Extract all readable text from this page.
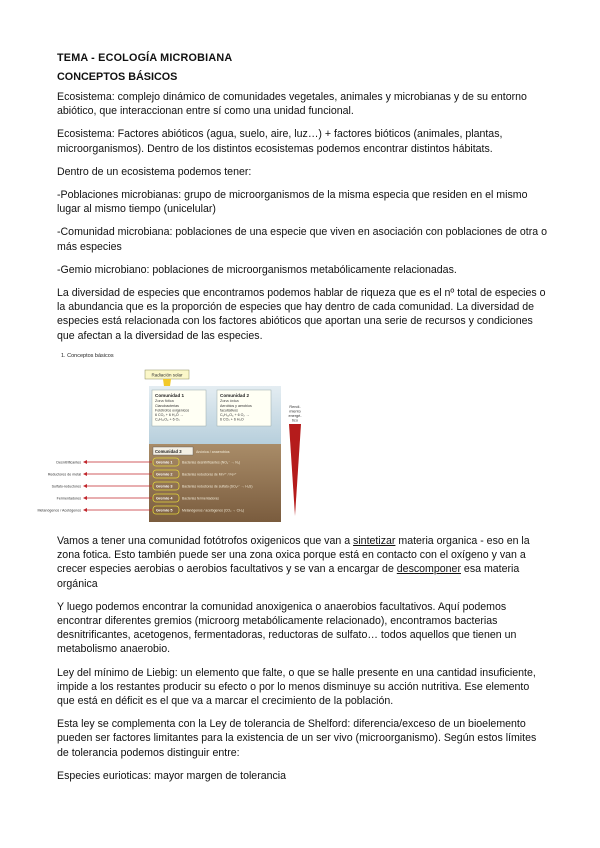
TEMA - ECOLOGÍA MICROBIANA

CONCEPTOS BÁSICOS

Ecosistema: complejo dinámico de comunidades vegetales, animales y microbianas y de su entorno abiótico, que interaccionan entre sí como una unidad funcional.

Ecosistema: Factores abióticos (agua, suelo, aire, luz…) + factores bióticos (animales, plantas, microorganismos). Dentro de los distintos ecosistemas podemos encontrar distintos hábitats.

Dentro de un ecosistema podemos tener:

-Poblaciones microbianas: grupo de microorganismos de la misma especia que residen en el mismo lugar al mismo tiempo (unicelular)

-Comunidad microbiana: poblaciones de una especie que viven en asociación con poblaciones de otra o más especies

-Gemio microbiano: poblaciones de microorganismos metabólicamente relacionadas.

La diversidad de especies que encontramos podemos hablar de riqueza que es el nº total de especies o la abundancia que es la proporción de especies que hay dentro de cada comunidad. La diversidad de especies está relacionada con los factores abióticos que aportan una serie de recursos y condiciones que afectan a la diversidad de las especies.

1. Conceptos básicos
Radiación solar
Comunidad 1
Zona fótica
Cianobacterias
Fotótrofos oxigénicos
6 CO₂ + 6 H₂O →
C₆H₁₂O₆ + 6 O₂
Comunidad 2
Zona óxica
Aerobios y aerobios
facultativos
C₆H₁₂O₆ + 6 O₂ →
6 CO₂ + 6 H₂O
Rendi-
miento
energé-
tico
Comunidad 3	Anóxica / anaerobios
Gremio 1	Bacterias desnitrificantes (NO₃⁻ → N₂)
Desnitrificantes
Gremio 2	Bacterias reductoras de Mn⁴⁺ / Fe³⁺
Reductores de metal
Gremio 3	Bacterias reductoras de sulfato (SO₄²⁻ → H₂S)
Sulfato-reductores
Gremio 4	Bacterias fermentadoras
Fermentadores
Gremio 5	Metanógenos / acetógenos (CO₂ → CH₄)
Metanógenos / Acetógenos

Vamos a tener una comunidad fotótrofos oxigenicos que van a sintetizar materia organica - eso en la zona fotica. Esto también puede ser una zona oxica porque está en contacto con el oxígeno y van a crecer especies aerobias o aerobios facultativos y se van a encargar de descomponer esa materia orgánica

Y luego podemos encontrar la comunidad anoxigenica o anaerobios facultativos. Aquí podemos encontrar diferentes gremios (microorg metabólicamente relacionado), encontramos bacterias desnitrificantes, acetogenos, fermentadoras, reductoras de sulfato… todos aquellos que tienen un metabolismo anaerobio.

Ley del mínimo de Liebig: un elemento que falte, o que se halle presente en una cantidad insuficiente, impide a los restantes producir su efecto o por lo menos disminuye su acción nutritiva. Ese elemento que está en déficit es el que va a marcar el crecimiento de la población.

Esta ley se complementa con la Ley de tolerancia de Shelford: diferencia/exceso de un bioelemento pueden ser factores limitantes para la existencia de un ser vivo (microorganismo). Según estos límites de tolerancia podemos distinguir entre:

Especies eurioticas: mayor margen de tolerancia
